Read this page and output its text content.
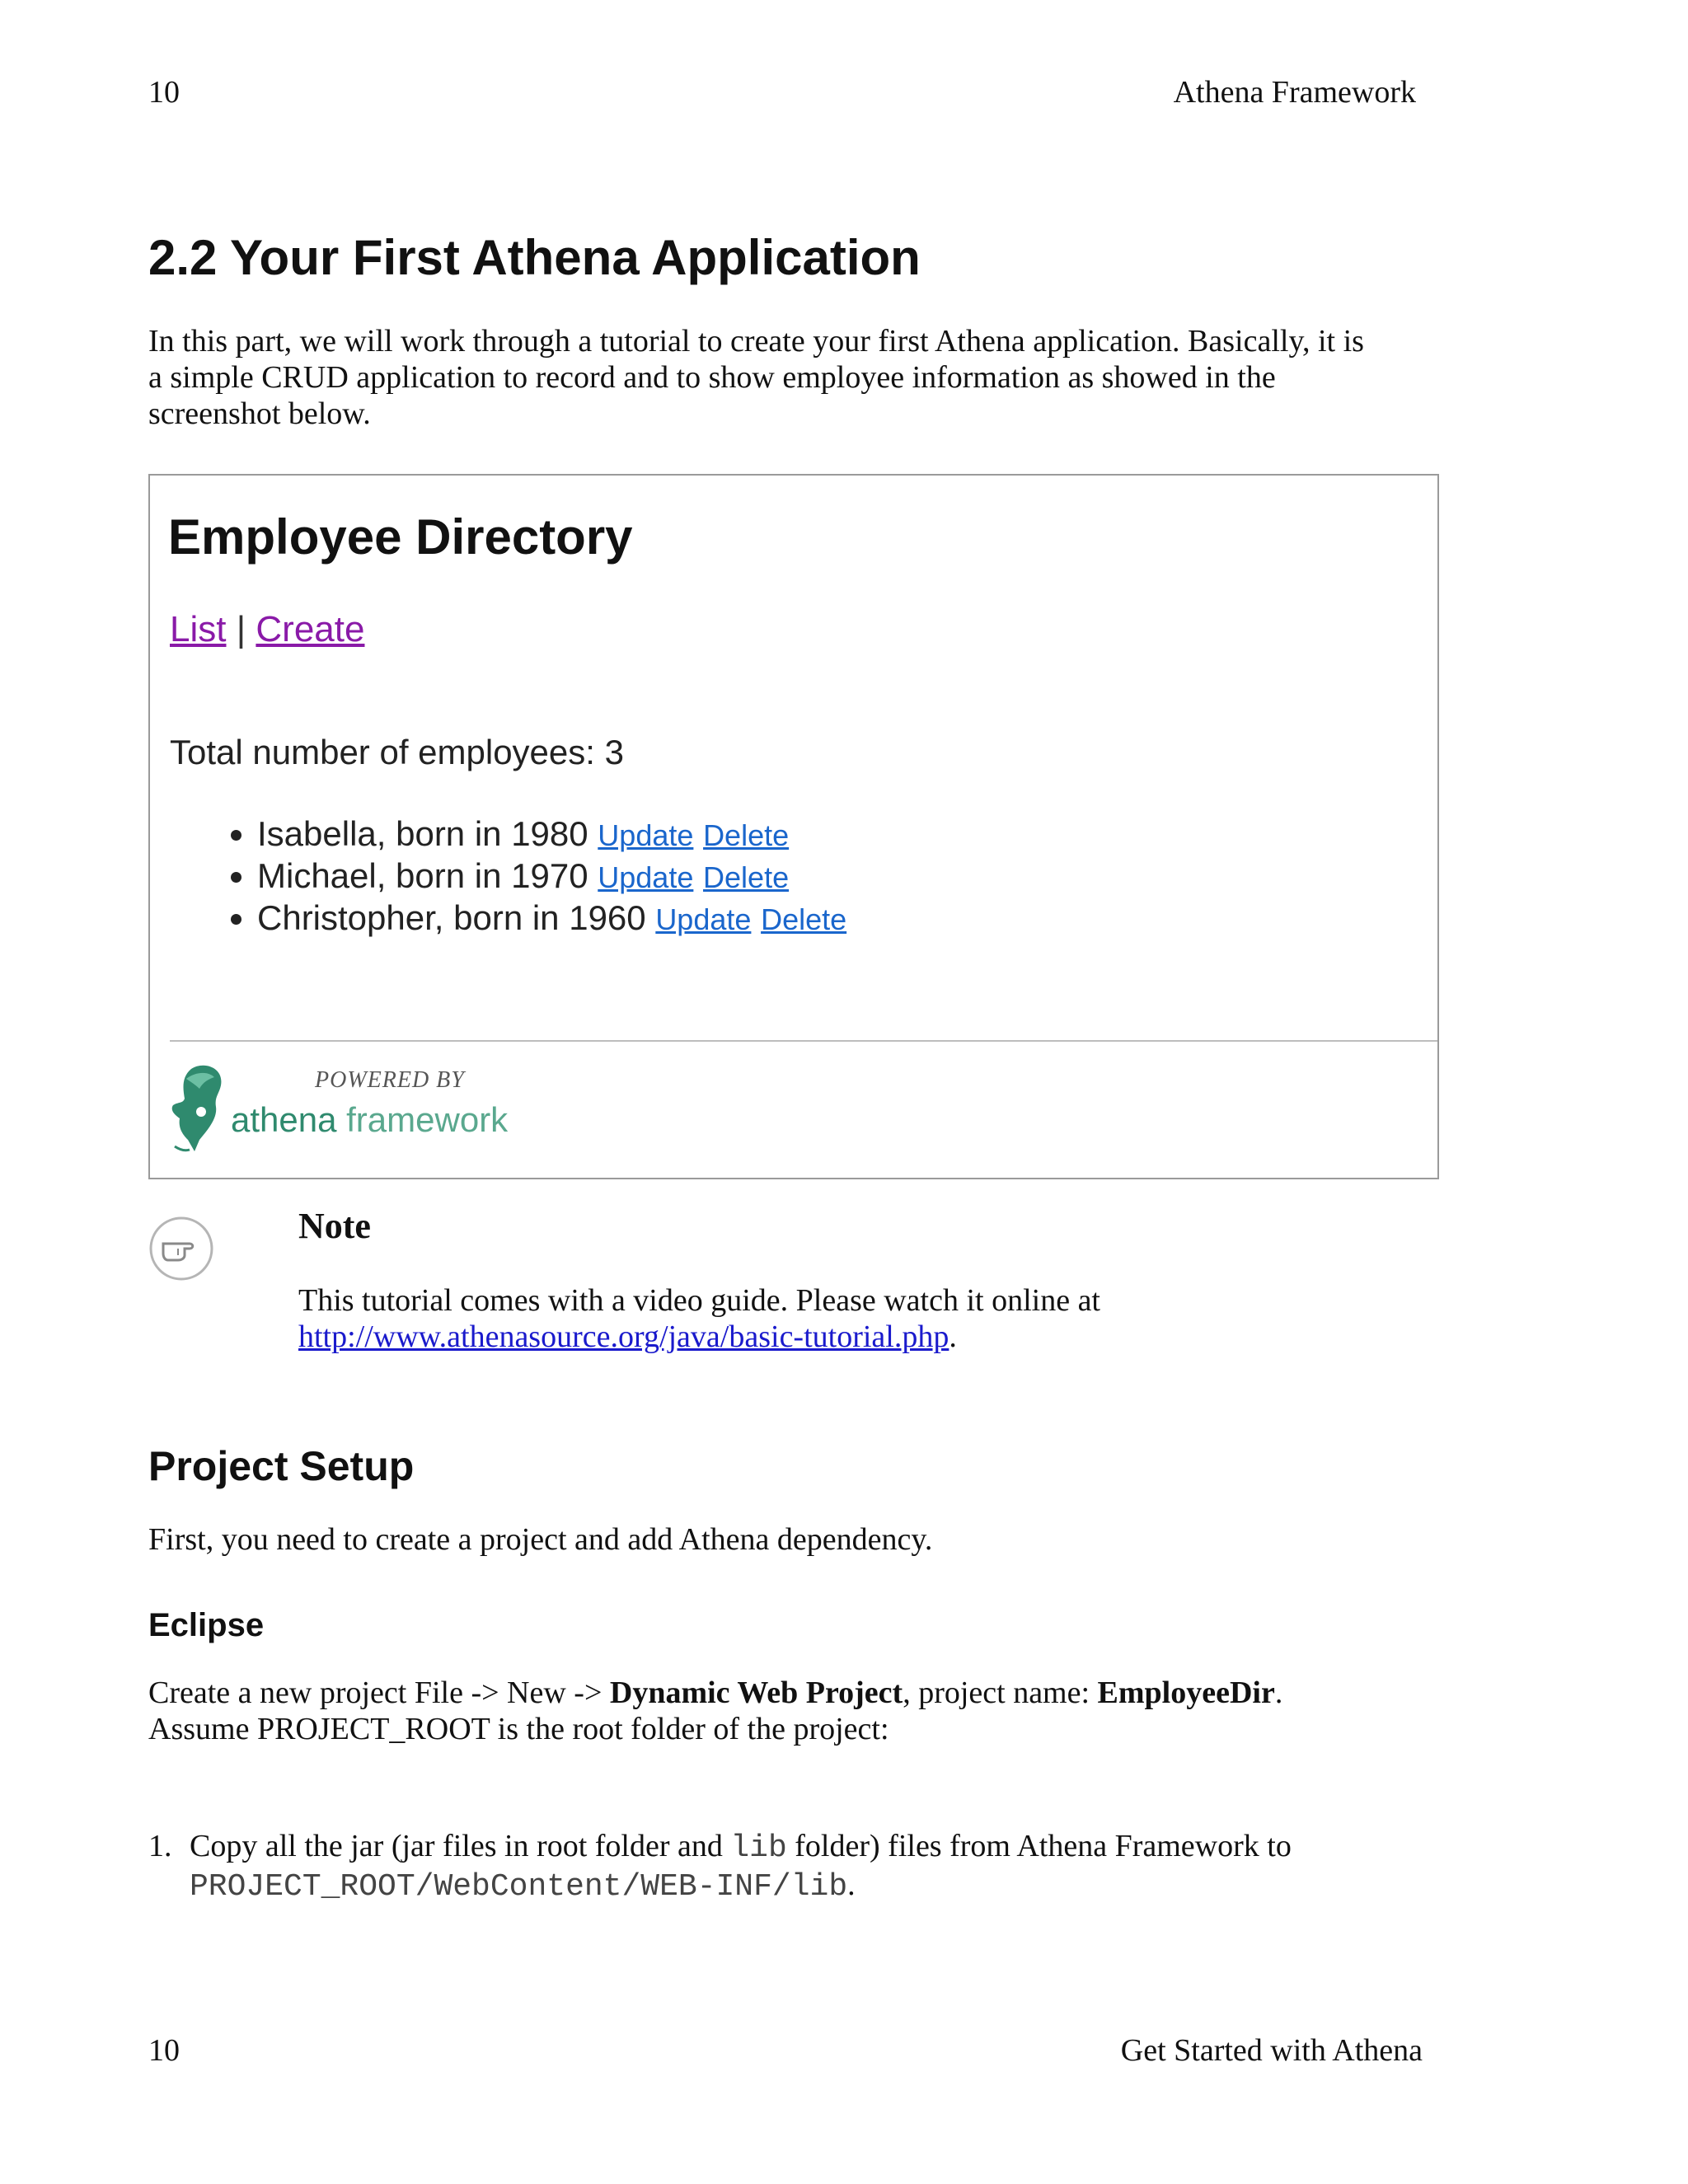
10	Athena Framework
2.2 Your First Athena Application
In this part, we will work through a tutorial to create your first Athena application. Basically, it is
a simple CRUD application to record and to show employee information as showed in the
screenshot below.
Employee Directory
List | Create
Total number of employees: 3
• Isabella, born in 1980 Update Delete
• Michael, born in 1970 Update Delete
• Christopher, born in 1960 Update Delete
POWERED BY
athena framework
Note
This tutorial comes with a video guide. Please watch it online at
http://www.athenasource.org/java/basic-tutorial.php.
Project Setup
First, you need to create a project and add Athena dependency.
Eclipse
Create a new project File -> New -> Dynamic Web Project, project name: EmployeeDir.
Assume PROJECT_ROOT is the root folder of the project:
1. Copy all the jar (jar files in root folder and lib folder) files from Athena Framework to
PROJECT_ROOT/WebContent/WEB-INF/lib.
10	Get Started with Athena
